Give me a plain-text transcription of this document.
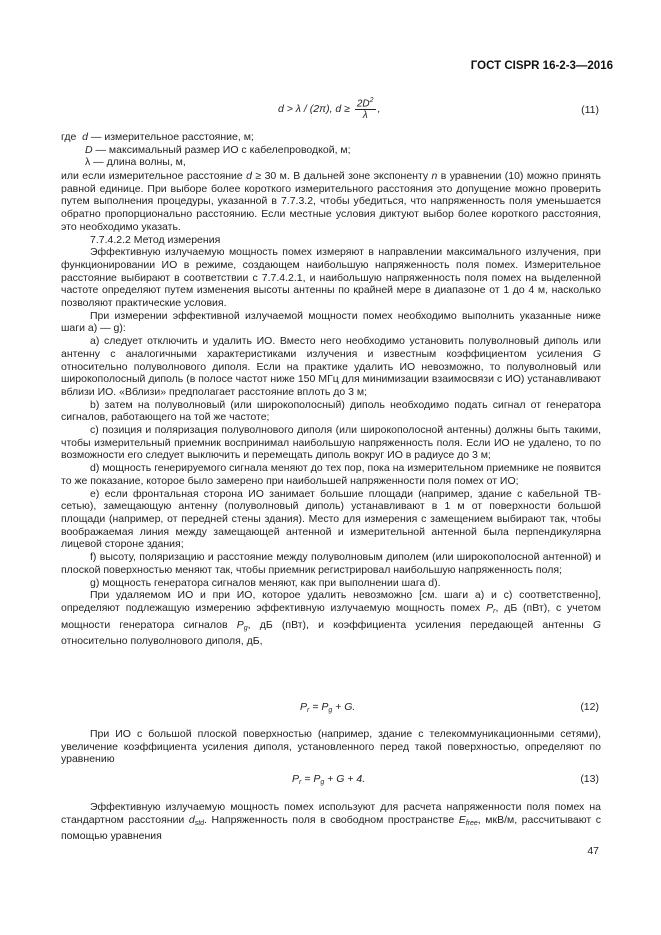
ГОСТ CISPR 16-2-3—2016
d > λ / (2π), $d \ge \frac{2D^2}{\lambda}$ ,	(11)

где d — измерительное расстояние, м;

D — максимальный размер ИО с кабелепроводкой, м;

λ — длина волны, м,

или если измерительное расстояние d ≥ 30 м. В дальней зоне экспоненту n в уравнении (10) можно принять равной единице. При выборе более короткого измерительного расстояния это допущение можно проверить путем выполнения процедуры, указанной в 7.7.3.2, чтобы убедиться, что напряженность поля уменьшается обратно пропорционально расстоянию. Если местные условия диктуют выбор более короткого расстояния, это необходимо указать.

7.7.4.2.2 Метод измерения

Эффективную излучаемую мощность помех измеряют в направлении максимального излучения, при функционировании ИО в режиме, создающем наибольшую напряженность поля помех. Измерительное расстояние выбирают в соответствии с 7.7.4.2.1, и наибольшую напряженность поля помех на выделенной частоте определяют путем изменения высоты антенны по крайней мере в диапазоне от 1 до 4 м, насколько позволяют практические условия.

При измерении эффективной излучаемой мощности помех необходимо выполнить указанные ниже шаги a) — g):

a) следует отключить и удалить ИО. Вместо него необходимо установить полуволновый диполь или антенну с аналогичными характеристиками излучения и известным коэффициентом усиления G относительно полуволнового диполя. Если на практике удалить ИО невозможно, то полуволновый или широкополосный диполь (в полосе частот ниже 150 МГц для минимизации взаимосвязи с ИО) устанавливают вблизи ИО. «Вблизи» предполагает расстояние вплоть до 3 м;

b) затем на полуволновый (или широкополосный) диполь необходимо подать сигнал от генератора сигналов, работающего на той же частоте;

c) позиция и поляризация полуволнового диполя (или широкополосной антенны) должны быть такими, чтобы измерительный приемник воспринимал наибольшую напряженность поля. Если ИО не удалено, то по возможности его следует выключить и перемещать диполь вокруг ИО в радиусе до 3 м;

d) мощность генерируемого сигнала меняют до тех пор, пока на измерительном приемнике не появится то же показание, которое было замерено при наибольшей напряженности поля помех от ИО;

e) если фронтальная сторона ИО занимает большие площади (например, здание с кабельной ТВ-сетью), замещающую антенну (полуволновый диполь) устанавливают в 1 м от поверхности большой площади (например, от передней стены здания). Место для измерения с замещением выбирают так, чтобы воображаемая линия между замещающей антенной и измерительной антенной была перпендикулярна лицевой стороне здания;

f) высоту, поляризацию и расстояние между полуволновым диполем (или широкополосной антенной) и плоской поверхностью меняют так, чтобы приемник регистрировал наибольшую напряженность поля;

g) мощность генератора сигналов меняют, как при выполнении шага d).

При удаляемом ИО и при ИО, которое удалить невозможно [см. шаги a) и c) соответственно], определяют подлежащую измерению эффективную излучаемую мощность помех $P_r$, дБ (пВт), с учетом мощности генератора сигналов $P_g$, дБ (пВт), и коэффициента усиления передающей антенны G относительно полуволнового диполя, дБ,

$P_r = P_g + G$.	(12)

При ИО с большой плоской поверхностью (например, здание с телекоммуникационными сетями), увеличение коэффициента усиления диполя, установленного перед такой поверхностью, определяют по уравнению

$P_r = P_g + G + 4$.	(13)

Эффективную излучаемую мощность помех используют для расчета напряженности поля помех на стандартном расстоянии $d_{std}$. Напряженность поля в свободном пространстве $E_{free}$, мкВ/м, рассчитывают с помощью уравнения

47
